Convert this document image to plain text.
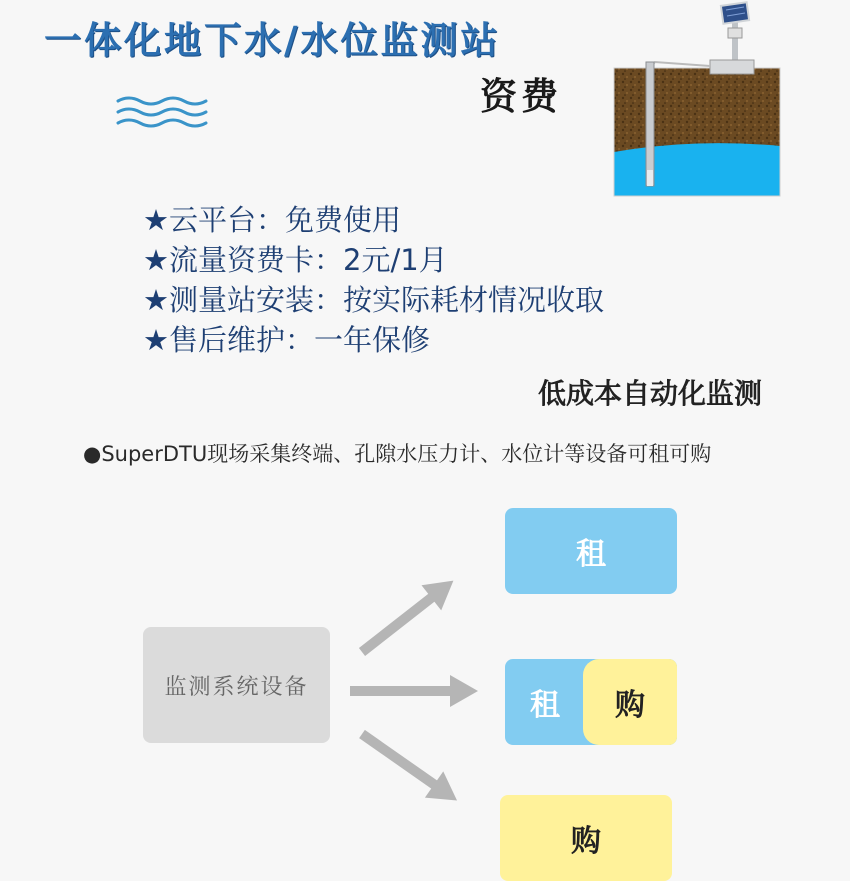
一体化地下水/水位监测站
资费
★云平台：免费使用
★流量资费卡：2元/1月
★测量站安装：按实际耗材情况收取
★售后维护：一年保修
低成本自动化监测

●SuperDTU现场采集终端、孔隙水压力计、水位计等设备可租可购

监测系统设备
租
租	购
购
